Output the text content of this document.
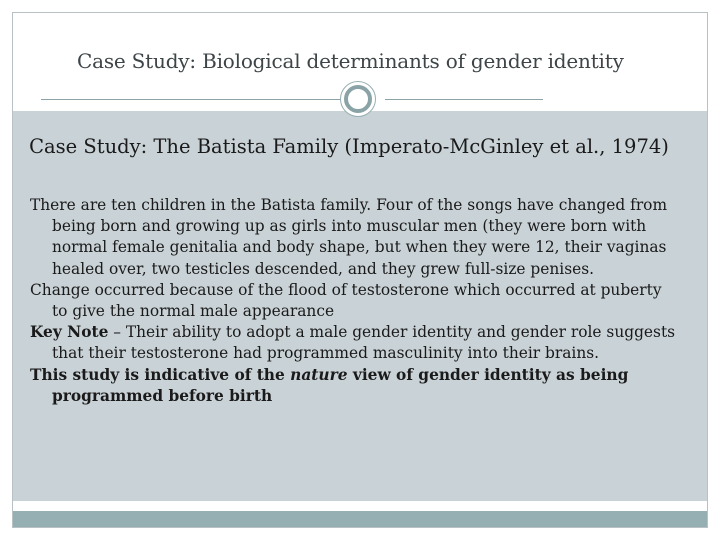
Case Study: Biological determinants of gender identity
Case Study: The Batista Family (Imperato-McGinley et al., 1974)

There are ten children in the Batista family. Four of the songs have changed from being born and growing up as girls into muscular men (they were born with normal female genitalia and body shape, but when they were 12, their vaginas healed over, two testicles descended, and they grew full-size penises.

Change occurred because of the flood of testosterone which occurred at puberty to give the normal male appearance

Key Note – Their ability to adopt a male gender identity and gender role suggests that their testosterone had programmed masculinity into their brains.

This study is indicative of the nature view of gender identity as being programmed before birth
